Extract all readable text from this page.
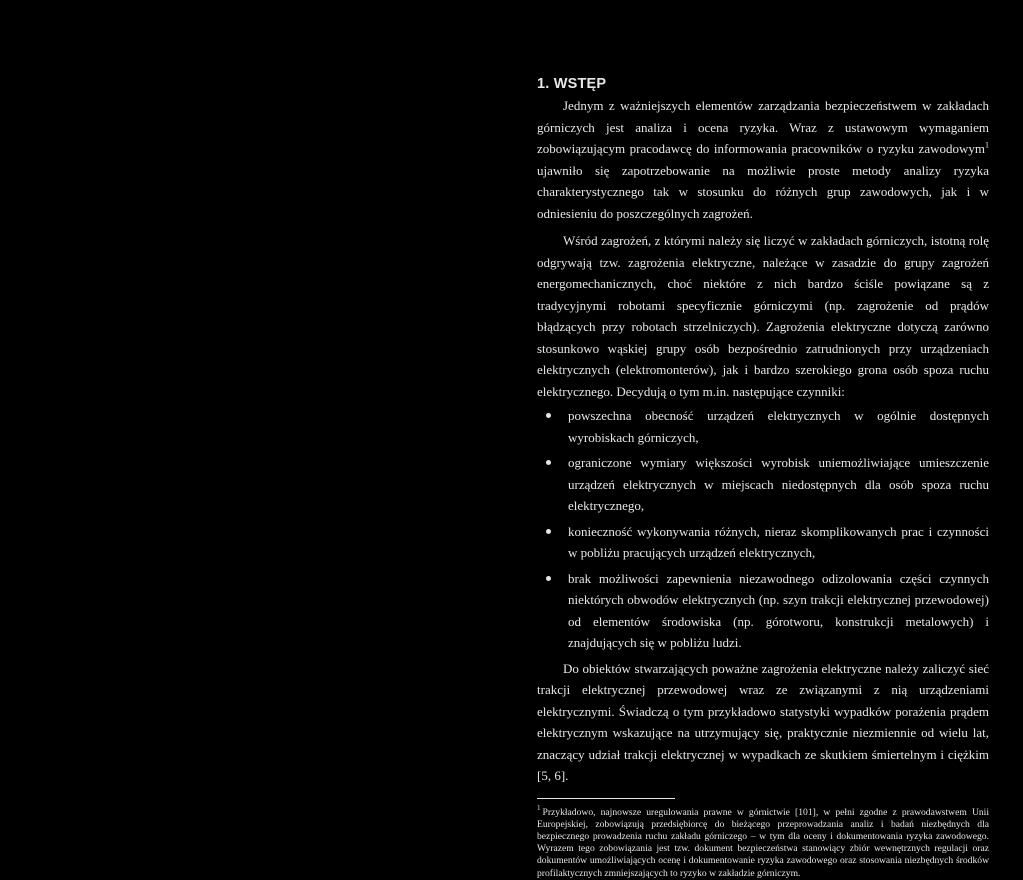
1. WSTĘP

Jednym z ważniejszych elementów zarządzania bezpieczeństwem w zakładach górniczych jest analiza i ocena ryzyka. Wraz z ustawowym wymaganiem zobowiązującym pracodawcę do informowania pracowników o ryzyku zawodowym$^1$ ujawniło się zapotrzebowanie na możliwie proste metody analizy ryzyka charakterystycznego tak w stosunku do różnych grup zawodowych, jak i w odniesieniu do poszczególnych zagrożeń.

Wśród zagrożeń, z którymi należy się liczyć w zakładach górniczych, istotną rolę odgrywają tzw. zagrożenia elektryczne, należące w zasadzie do grupy zagrożeń energomechanicznych, choć niektóre z nich bardzo ściśle powiązane są z tradycyjnymi robotami specyficznie górniczymi (np. zagrożenie od prądów błądzących przy robotach strzelniczych). Zagrożenia elektryczne dotyczą zarówno stosunkowo wąskiej grupy osób bezpośrednio zatrudnionych przy urządzeniach elektrycznych (elektromonterów), jak i bardzo szerokiego grona osób spoza ruchu elektrycznego. Decydują o tym m.in. następujące czynniki:

powszechna obecność urządzeń elektrycznych w ogólnie dostępnych wyrobiskach górniczych,
ograniczone wymiary większości wyrobisk uniemożliwiające umieszczenie urządzeń elektrycznych w miejscach niedostępnych dla osób spoza ruchu elektrycznego,
konieczność wykonywania różnych, nieraz skomplikowanych prac i czynności w pobliżu pracujących urządzeń elektrycznych,
brak możliwości zapewnienia niezawodnego odizolowania części czynnych niektórych obwodów elektrycznych (np. szyn trakcji elektrycznej przewodowej) od elementów środowiska (np. górotworu, konstrukcji metalowych) i znajdujących się w pobliżu ludzi.

Do obiektów stwarzających poważne zagrożenia elektryczne należy zaliczyć sieć trakcji elektrycznej przewodowej wraz ze związanymi z nią urządzeniami elektrycznymi. Świadczą o tym przykładowo statystyki wypadków porażenia prądem elektrycznym wskazujące na utrzymujący się, praktycznie niezmiennie od wielu lat, znaczący udział trakcji elektrycznej w wypadkach ze skutkiem śmiertelnym i ciężkim [5, 6].

$^1$ Przykładowo, najnowsze uregulowania prawne w górnictwie [101], w pełni zgodne z prawodawstwem Unii Europejskiej, zobowiązują przedsiębiorcę do bieżącego przeprowadzania analiz i badań niezbędnych dla bezpiecznego prowadzenia ruchu zakładu górniczego – w tym dla oceny i dokumentowania ryzyka zawodowego. Wyrazem tego zobowiązania jest tzw. dokument bezpieczeństwa stanowiący zbiór wewnętrznych regulacji oraz dokumentów umożliwiających ocenę i dokumentowanie ryzyka zawodowego oraz stosowania niezbędnych środków profilaktycznych zmniejszających to ryzyko w zakładzie górniczym.
